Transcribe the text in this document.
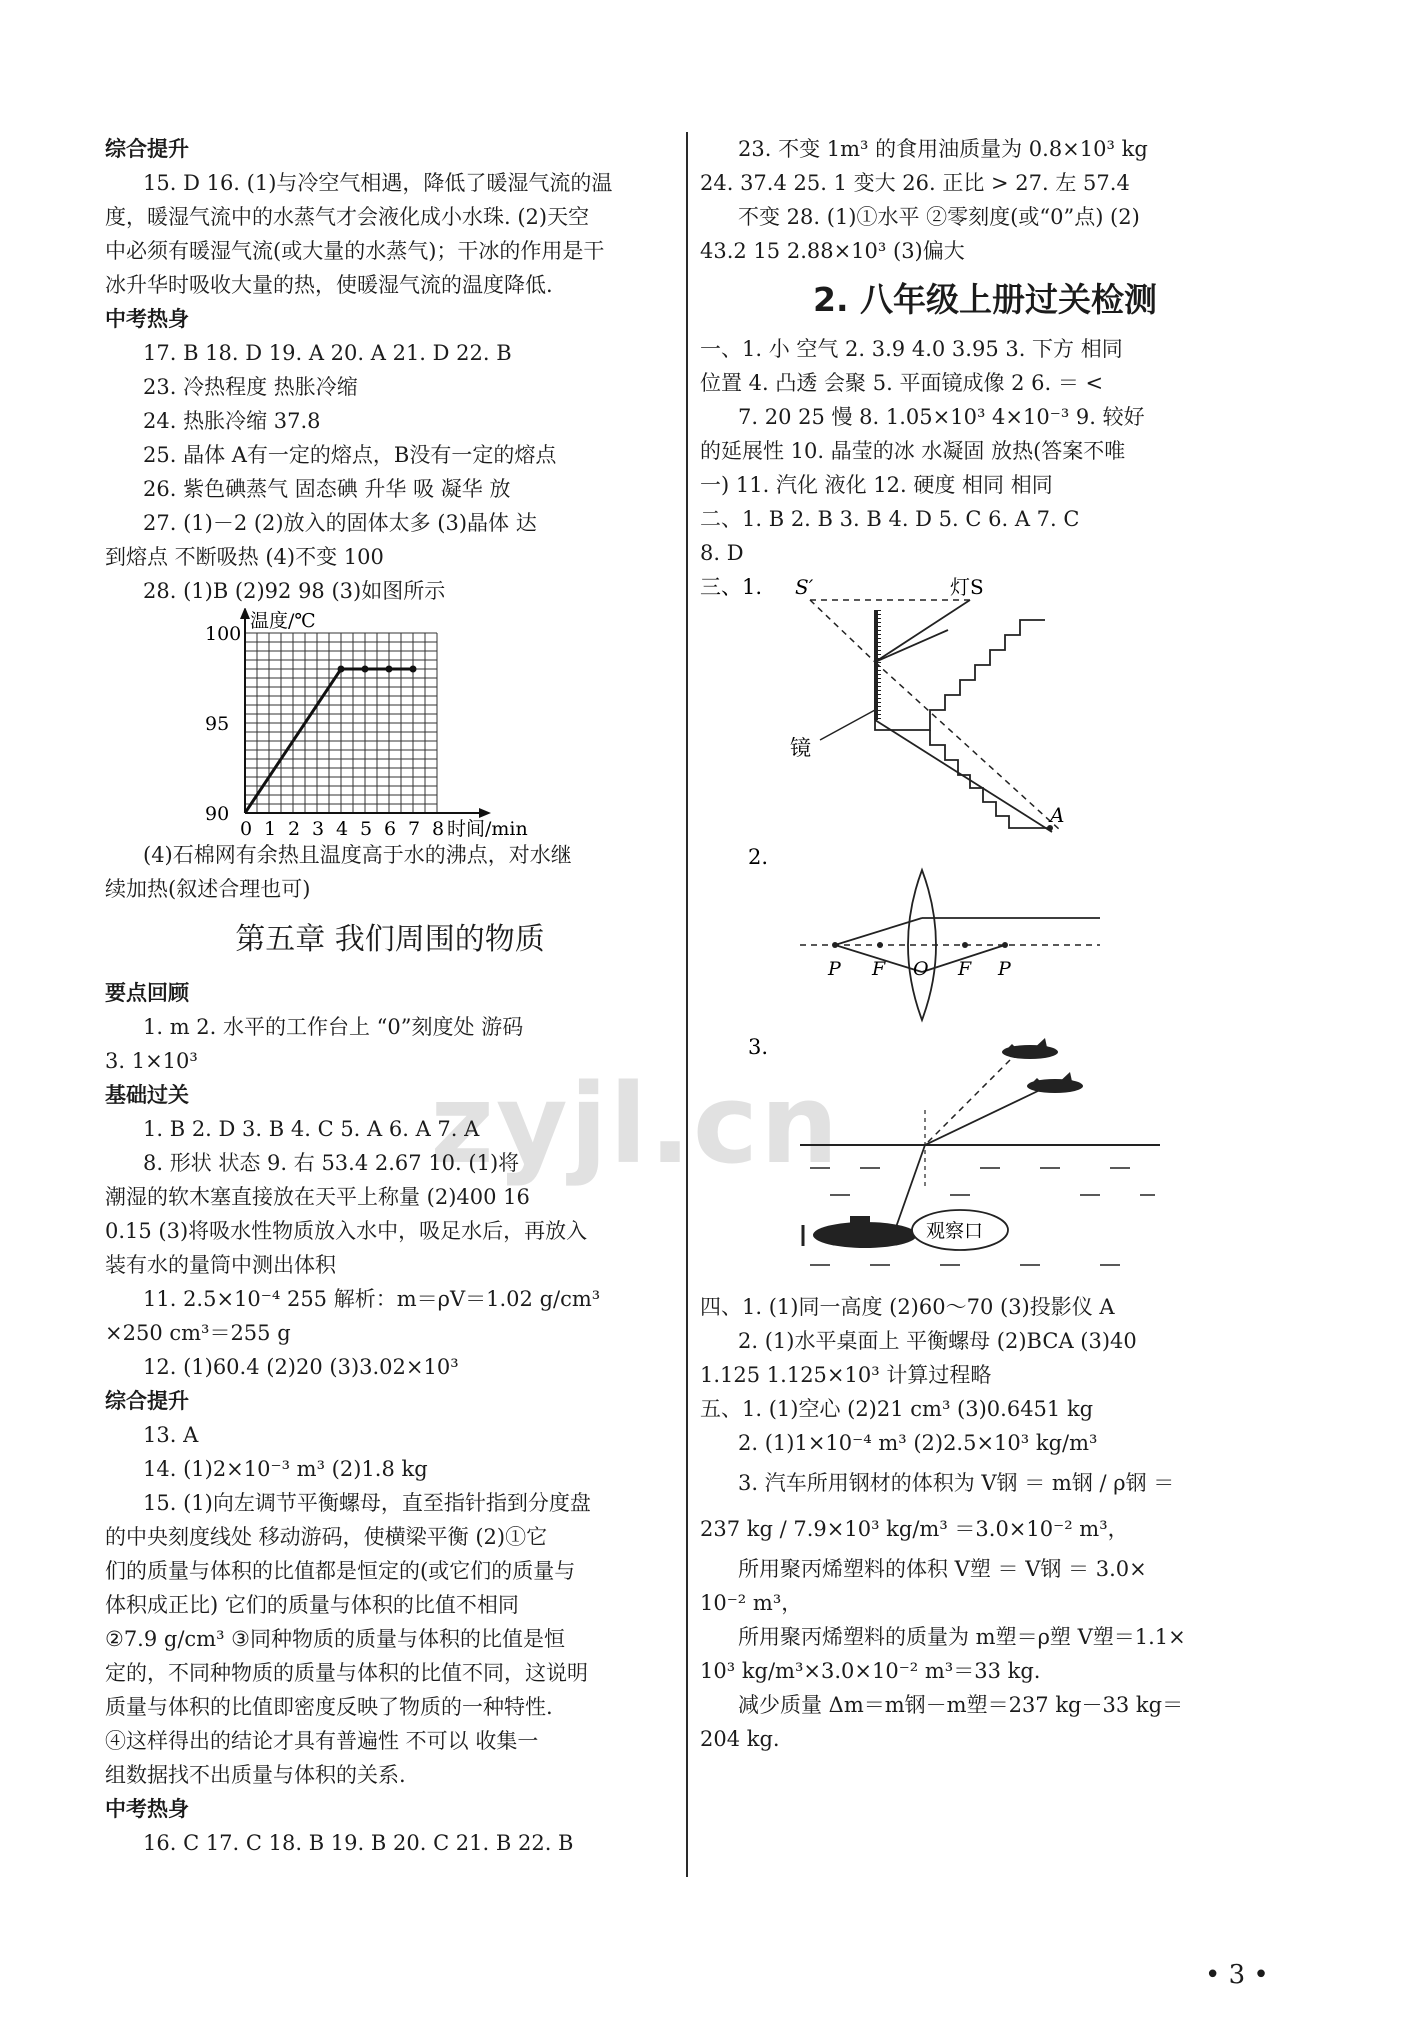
zyjl.cn
综合提升
15. D 16. (1)与冷空气相遇，降低了暖湿气流的温
度，暖湿气流中的水蒸气才会液化成小水珠. (2)天空
中必须有暖湿气流(或大量的水蒸气)；干冰的作用是干
冰升华时吸收大量的热，使暖湿气流的温度降低.
中考热身
17. B 18. D 19. A 20. A 21. D 22. B
23. 冷热程度 热胀冷缩
24. 热胀冷缩 37.8
25. 晶体 A有一定的熔点，B没有一定的熔点
26. 紫色碘蒸气 固态碘 升华 吸 凝华 放
27. (1)－2 (2)放入的固体太多 (3)晶体 达
到熔点 不断吸热 (4)不变 100
28. (1)B (2)92 98 (3)如图所示
90
95
100
0 1 2 3 4 5 6 7 8
温度/℃
时间/min
(4)石棉网有余热且温度高于水的沸点，对水继
续加热(叙述合理也可)
第五章 我们周围的物质
要点回顾
1. m 2. 水平的工作台上 “0”刻度处 游码
3. 1×10³
基础过关
1. B 2. D 3. B 4. C 5. A 6. A 7. A
8. 形状 状态 9. 右 53.4 2.67 10. (1)将
潮湿的软木塞直接放在天平上称量 (2)400 16
0.15 (3)将吸水性物质放入水中，吸足水后，再放入
装有水的量筒中测出体积
11. 2.5×10⁻⁴ 255 解析：m＝ρV＝1.02 g/cm³
×250 cm³＝255 g
12. (1)60.4 (2)20 (3)3.02×10³
综合提升
13. A
14. (1)2×10⁻³ m³ (2)1.8 kg
15. (1)向左调节平衡螺母，直至指针指到分度盘
的中央刻度线处 移动游码，使横梁平衡 (2)①它
们的质量与体积的比值都是恒定的(或它们的质量与
体积成正比) 它们的质量与体积的比值不相同
②7.9 g/cm³ ③同种物质的质量与体积的比值是恒
定的，不同种物质的质量与体积的比值不同，这说明
质量与体积的比值即密度反映了物质的一种特性.
④这样得出的结论才具有普遍性 不可以 收集一
组数据找不出质量与体积的关系.
中考热身
16. C 17. C 18. B 19. B 20. C 21. B 22. B
23. 不变 1m³ 的食用油质量为 0.8×10³ kg
24. 37.4 25. 1 变大 26. 正比 > 27. 左 57.4
不变 28. (1)①水平 ②零刻度(或“0”点) (2)
43.2 15 2.88×10³ (3)偏大
2. 八年级上册过关检测
一、1. 小 空气 2. 3.9 4.0 3.95 3. 下方 相同
位置 4. 凸透 会聚 5. 平面镜成像 2 6. ＝ <
7. 20 25 慢 8. 1.05×10³ 4×10⁻³ 9. 较好
的延展性 10. 晶莹的冰 水凝固 放热(答案不唯
一) 11. 汽化 液化 12. 硬度 相同 相同
二、1. B 2. B 3. B 4. D 5. C 6. A 7. C
8. D
三、1. S′	灯S
镜
A
2.
P F O F P
3.
观察口
四、1. (1)同一高度 (2)60～70 (3)投影仪 A
2. (1)水平桌面上 平衡螺母 (2)BCA (3)40
1.125 1.125×10³ 计算过程略
五、1. (1)空心 (2)21 cm³ (3)0.6451 kg
2. (1)1×10⁻⁴ m³ (2)2.5×10³ kg/m³
3. 汽车所用钢材的体积为 V钢 ＝ m钢 / ρ钢 ＝
237 kg / 7.9×10³ kg/m³ ＝3.0×10⁻² m³，
所用聚丙烯塑料的体积 V塑 ＝ V钢 ＝ 3.0×
10⁻² m³，
所用聚丙烯塑料的质量为 m塑＝ρ塑 V塑＝1.1×
10³ kg/m³×3.0×10⁻² m³＝33 kg.
减少质量 Δm＝m钢－m塑＝237 kg－33 kg＝
204 kg.
• 3 •
